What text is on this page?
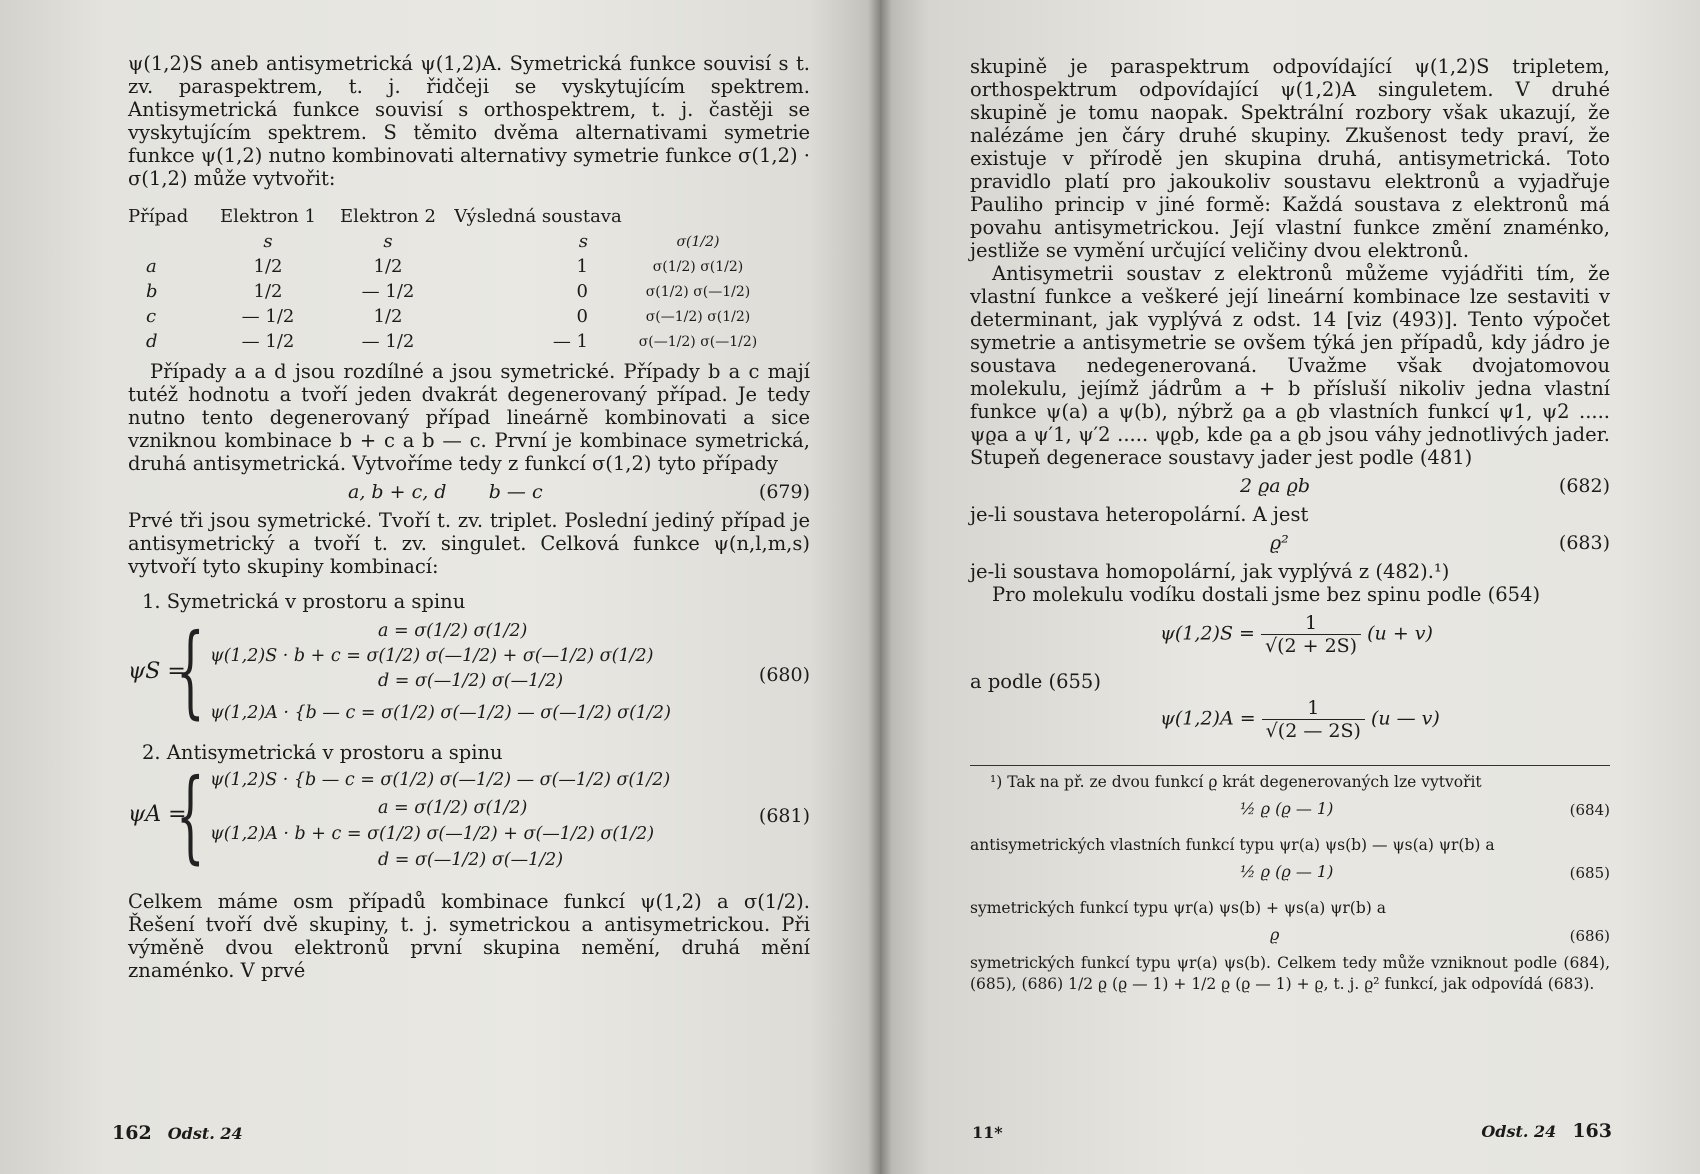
ψ(1,2)S aneb antisymetrická ψ(1,2)A. Symetrická funkce souvisí s t. zv. paraspektrem, t. j. řidčeji se vyskytujícím spektrem. Antisymetrická funkce souvisí s orthospektrem, t. j. častěji se vyskytujícím spektrem. S těmito dvěma alternativami symetrie funkce ψ(1,2) nutno kombinovati alternativy symetrie funkce σ(1,2) · σ(1,2) může vytvořit:

Případ	Elektron 1	Elektron 2	Výsledná soustava	
	s	s	s	σ(1/2)
a	1/2	1/2	1	σ(1/2) σ(1/2)
b	1/2	— 1/2	0	σ(1/2) σ(—1/2)
c	— 1/2	1/2	0	σ(—1/2) σ(1/2)
d	— 1/2	— 1/2	— 1	σ(—1/2) σ(—1/2)

Případy a a d jsou rozdílné a jsou symetrické. Případy b a c mají tutéž hodnotu a tvoří jeden dvakrát degenerovaný případ. Je tedy nutno tento degenerovaný případ lineárně kombinovati a sice vzniknou kombinace b + c a b — c. První je kombinace symetrická, druhá antisymetrická. Vytvoříme tedy z funkcí σ(1,2) tyto případy

a, b + c, d       b — c	(679)

Prvé tři jsou symetrické. Tvoří t. zv. triplet. Poslední jediný případ je antisymetrický a tvoří t. zv. singulet. Celková funkce ψ(n,l,m,s) vytvoří tyto skupiny kombinací:

1. Symetrická v prostoru a spinu

ψS =
{	a = σ(1/2) σ(1/2)
ψ(1,2)S · b + c = σ(1/2) σ(—1/2) + σ(—1/2) σ(1/2)
d = σ(—1/2) σ(—1/2)
ψ(1,2)A · {b — c = σ(1/2) σ(—1/2) — σ(—1/2) σ(1/2)
(680)

2. Antisymetrická v prostoru a spinu

ψA =
{ ψ(1,2)S · {b — c = σ(1/2) σ(—1/2) — σ(—1/2) σ(1/2)
a = σ(1/2) σ(1/2)
ψ(1,2)A · b + c = σ(1/2) σ(—1/2) + σ(—1/2) σ(1/2)
d = σ(—1/2) σ(—1/2)
(681)

Celkem máme osm případů kombinace funkcí ψ(1,2) a σ(1/2). Řešení tvoří dvě skupiny, t. j. symetrickou a antisymetrickou. Při výměně dvou elektronů první skupina nemění, druhá mění znaménko. V prvé

162 Odst. 24

skupině je paraspektrum odpovídající ψ(1,2)S tripletem, orthospektrum odpovídající ψ(1,2)A singuletem. V druhé skupině je tomu naopak. Spektrální rozbory však ukazují, že nalézáme jen čáry druhé skupiny. Zkušenost tedy praví, že existuje v přírodě jen skupina druhá, antisymetrická. Toto pravidlo platí pro jakoukoliv soustavu elektronů a vyjadřuje Pauliho princip v jiné formě: Každá soustava z elektronů má povahu antisymetrickou. Její vlastní funkce změní znaménko, jestliže se vymění určující veličiny dvou elektronů.

Antisymetrii soustav z elektronů můžeme vyjádřiti tím, že vlastní funkce a veškeré její lineární kombinace lze sestaviti v determinant, jak vyplývá z odst. 14 [viz (493)]. Tento výpočet symetrie a antisymetrie se ovšem týká jen případů, kdy jádro je soustava nedegenerovaná. Uvažme však dvojatomovou molekulu, jejímž jádrům a + b přísluší nikoliv jedna vlastní funkce ψ(a) a ψ(b), nýbrž ϱa a ϱb vlastních funkcí ψ1, ψ2 ..... ψϱa a ψ′1, ψ′2 ..... ψϱb, kde ϱa a ϱb jsou váhy jednotlivých jader. Stupeň degenerace soustavy jader jest podle (481)

2 ϱa ϱb	(682)

je-li soustava heteropolární. A jest

ϱ²	(683)

je-li soustava homopolární, jak vyplývá z (482).¹)

Pro molekulu vodíku dostali jsme bez spinu podle (654)

$\psi(1,2)S = \frac{1}{√(2 + 2S)} (u + v)$

a podle (655)

$\psi(1,2)A = \frac{1}{√(2 — 2S)} (u$ — v)

¹) Tak na př. ze dvou funkcí ϱ krát degenerovaných lze vytvořit

½ ϱ (ϱ — 1)	(684)

antisymetrických vlastních funkcí typu ψr(a) ψs(b) — ψs(a) ψr(b) a

½ ϱ (ϱ — 1)	(685)

symetrických funkcí typu ψr(a) ψs(b) + ψs(a) ψr(b) a

ϱ	(686)

symetrických funkcí typu ψr(a) ψs(b). Celkem tedy může vzniknout podle (684), (685), (686) 1/2 ϱ (ϱ — 1) + 1/2 ϱ (ϱ — 1) + ϱ, t. j. ϱ² funkcí, jak odpovídá (683).

11*	Odst. 24 163
